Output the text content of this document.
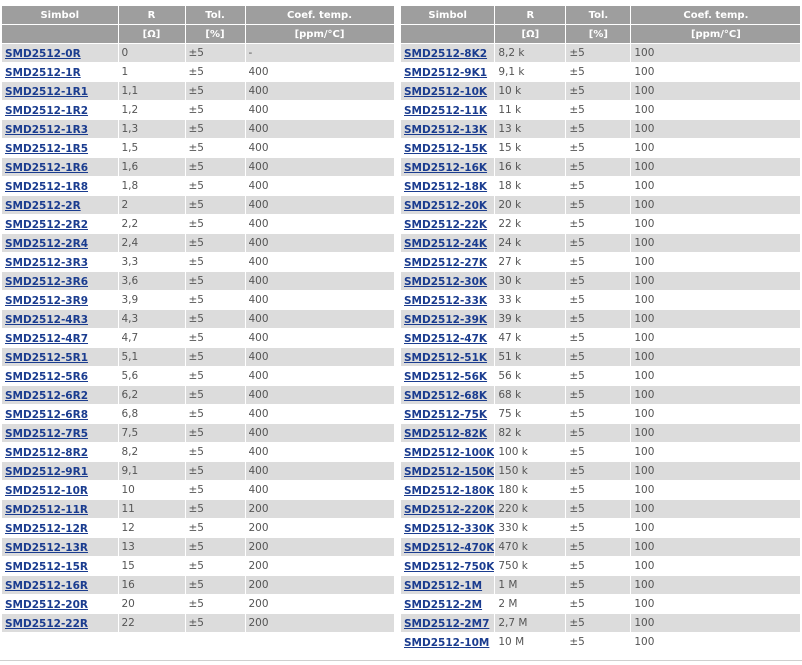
Simbol	R	Tol.	Coef. temp.
	[Ω]	[%]	[ppm/°C]
SMD2512-0R	0	±5	-
SMD2512-1R	1	±5	400
SMD2512-1R1	1,1	±5	400
SMD2512-1R2	1,2	±5	400
SMD2512-1R3	1,3	±5	400
SMD2512-1R5	1,5	±5	400
SMD2512-1R6	1,6	±5	400
SMD2512-1R8	1,8	±5	400
SMD2512-2R	2	±5	400
SMD2512-2R2	2,2	±5	400
SMD2512-2R4	2,4	±5	400
SMD2512-3R3	3,3	±5	400
SMD2512-3R6	3,6	±5	400
SMD2512-3R9	3,9	±5	400
SMD2512-4R3	4,3	±5	400
SMD2512-4R7	4,7	±5	400
SMD2512-5R1	5,1	±5	400
SMD2512-5R6	5,6	±5	400
SMD2512-6R2	6,2	±5	400
SMD2512-6R8	6,8	±5	400
SMD2512-7R5	7,5	±5	400
SMD2512-8R2	8,2	±5	400
SMD2512-9R1	9,1	±5	400
SMD2512-10R	10	±5	400
SMD2512-11R	11	±5	200
SMD2512-12R	12	±5	200
SMD2512-13R	13	±5	200
SMD2512-15R	15	±5	200
SMD2512-16R	16	±5	200
SMD2512-20R	20	±5	200
SMD2512-22R	22	±5	200
Simbol	R	Tol.	Coef. temp.
	[Ω]	[%]	[ppm/°C]
SMD2512-8K2	8,2 k	±5	100
SMD2512-9K1	9,1 k	±5	100
SMD2512-10K	10 k	±5	100
SMD2512-11K	11 k	±5	100
SMD2512-13K	13 k	±5	100
SMD2512-15K	15 k	±5	100
SMD2512-16K	16 k	±5	100
SMD2512-18K	18 k	±5	100
SMD2512-20K	20 k	±5	100
SMD2512-22K	22 k	±5	100
SMD2512-24K	24 k	±5	100
SMD2512-27K	27 k	±5	100
SMD2512-30K	30 k	±5	100
SMD2512-33K	33 k	±5	100
SMD2512-39K	39 k	±5	100
SMD2512-47K	47 k	±5	100
SMD2512-51K	51 k	±5	100
SMD2512-56K	56 k	±5	100
SMD2512-68K	68 k	±5	100
SMD2512-75K	75 k	±5	100
SMD2512-82K	82 k	±5	100
SMD2512-100K	100 k	±5	100
SMD2512-150K	150 k	±5	100
SMD2512-180K	180 k	±5	100
SMD2512-220K	220 k	±5	100
SMD2512-330K	330 k	±5	100
SMD2512-470K	470 k	±5	100
SMD2512-750K	750 k	±5	100
SMD2512-1M	1 M	±5	100
SMD2512-2M	2 M	±5	100
SMD2512-2M7	2,7 M	±5	100
SMD2512-10M	10 M	±5	100
